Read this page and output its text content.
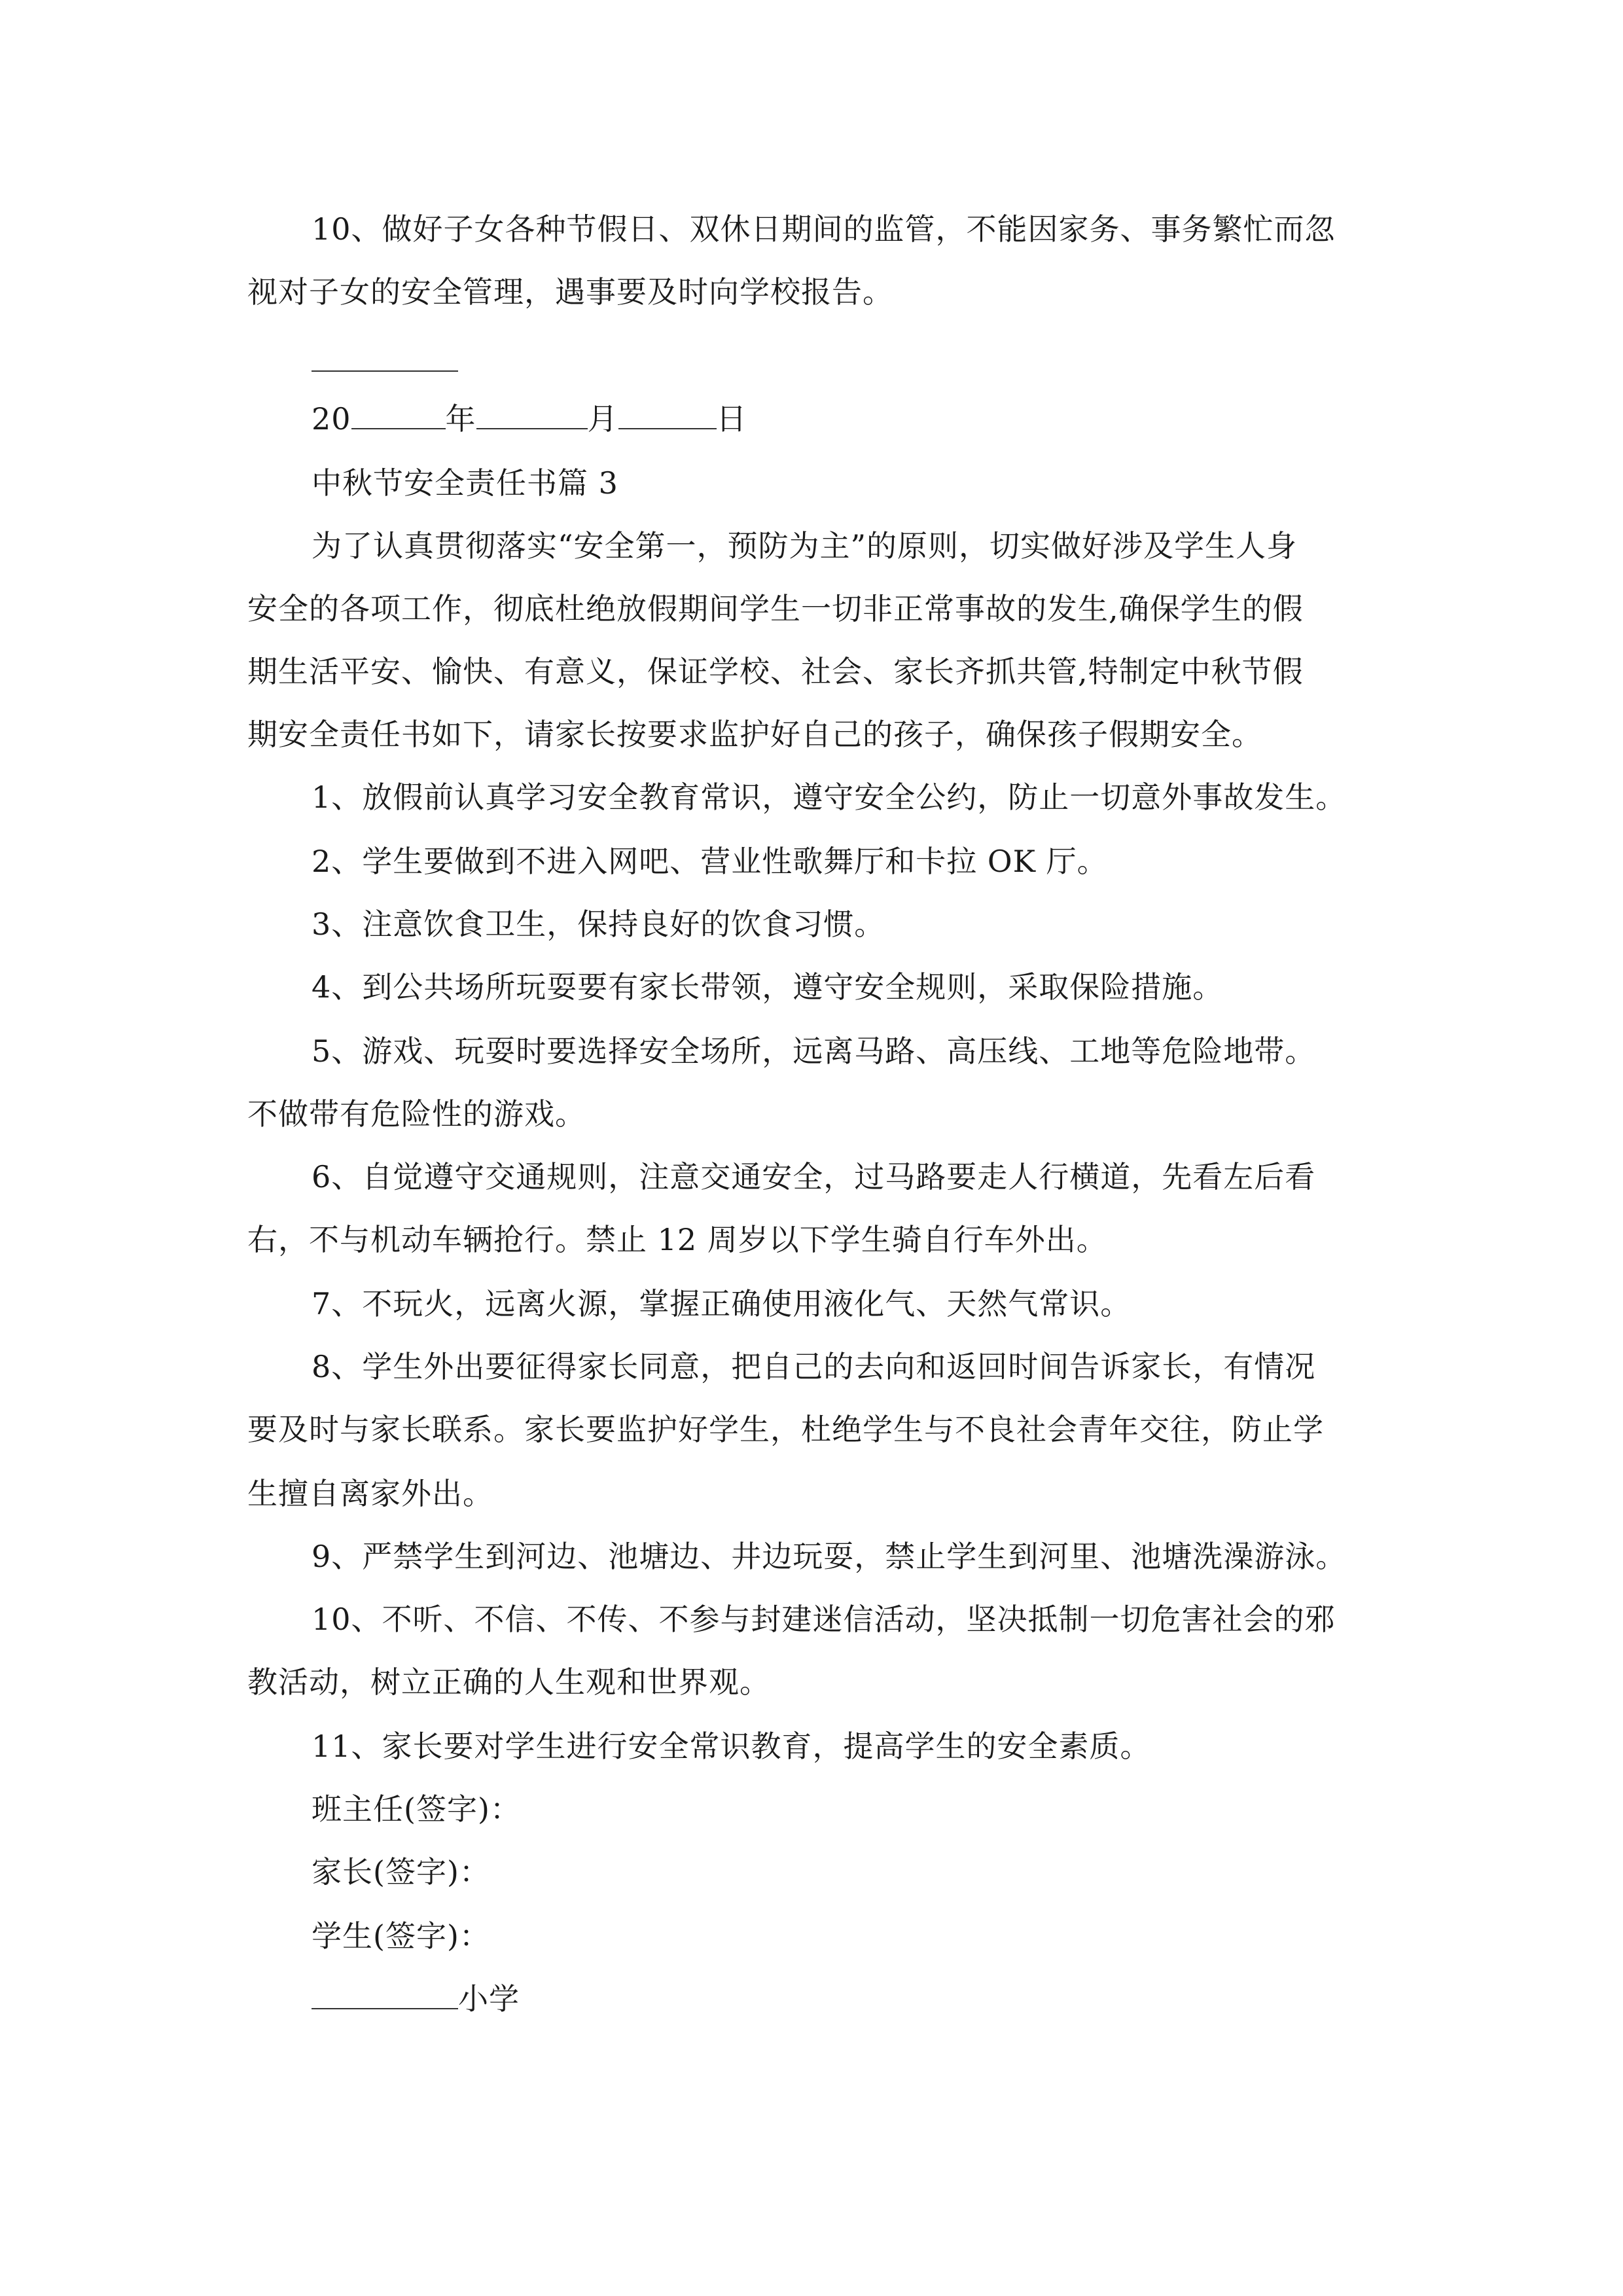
10、做好子女各种节假日、双休日期间的监管，不能因家务、事务繁忙而忽
视对子女的安全管理，遇事要及时向学校报告。
20	年	月	日
中秋节安全责任书篇 3
为了认真贯彻落实“安全第一，预防为主”的原则，切实做好涉及学生人身
安全的各项工作，彻底杜绝放假期间学生一切非正常事故的发生,确保学生的假
期生活平安、愉快、有意义，保证学校、社会、家长齐抓共管,特制定中秋节假
期安全责任书如下，请家长按要求监护好自己的孩子，确保孩子假期安全。
1、放假前认真学习安全教育常识，遵守安全公约，防止一切意外事故发生。
2、学生要做到不进入网吧、营业性歌舞厅和卡拉 OK 厅。
3、注意饮食卫生，保持良好的饮食习惯。
4、到公共场所玩耍要有家长带领，遵守安全规则，采取保险措施。
5、游戏、玩耍时要选择安全场所，远离马路、高压线、工地等危险地带。
不做带有危险性的游戏。
6、自觉遵守交通规则，注意交通安全，过马路要走人行横道，先看左后看
右，不与机动车辆抢行。禁止 12 周岁以下学生骑自行车外出。
7、不玩火，远离火源，掌握正确使用液化气、天然气常识。
8、学生外出要征得家长同意，把自己的去向和返回时间告诉家长，有情况
要及时与家长联系。家长要监护好学生，杜绝学生与不良社会青年交往，防止学
生擅自离家外出。
9、严禁学生到河边、池塘边、井边玩耍，禁止学生到河里、池塘洗澡游泳。
10、不听、不信、不传、不参与封建迷信活动，坚决抵制一切危害社会的邪
教活动，树立正确的人生观和世界观。
11、家长要对学生进行安全常识教育，提高学生的安全素质。
班主任(签字)：
家长(签字)：
学生(签字)：
小学
